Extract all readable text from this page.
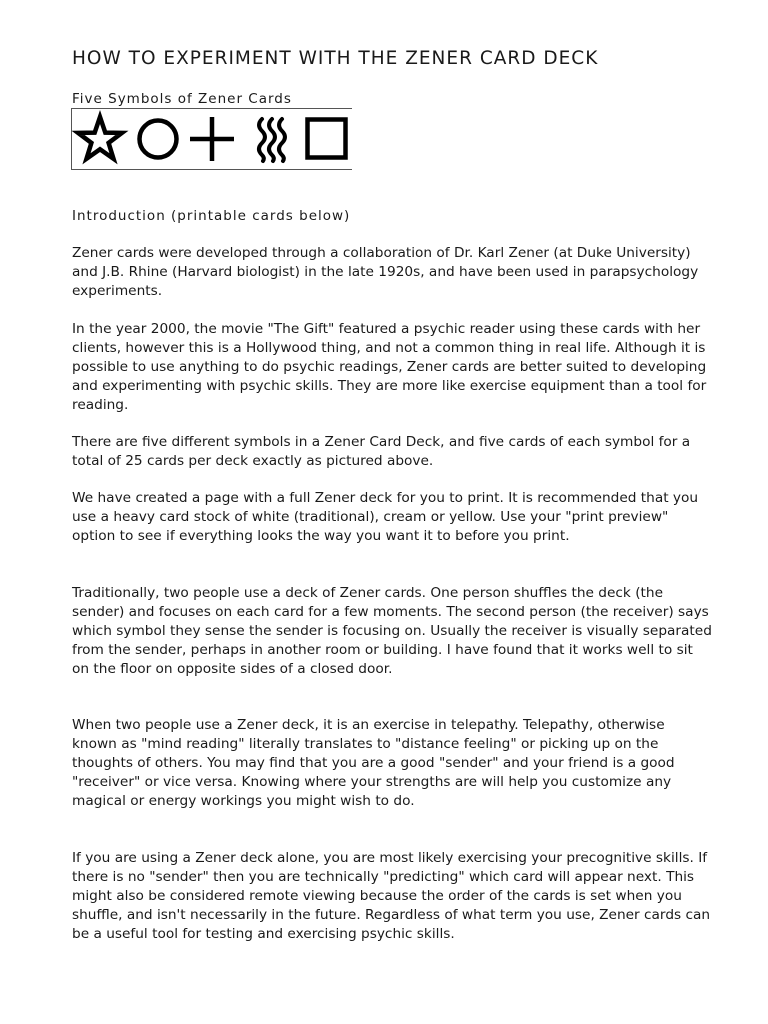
HOW TO EXPERIMENT WITH THE ZENER CARD DECK
Five Symbols of Zener Cards
Introduction (printable cards below)

Zener cards were developed through a collaboration of Dr. Karl Zener (at Duke University) and J.B. Rhine (Harvard biologist) in the late 1920s, and have been used in parapsychology experiments.

In the year 2000, the movie "The Gift" featured a psychic reader using these cards with her clients, however this is a Hollywood thing, and not a common thing in real life. Although it is possible to use anything to do psychic readings, Zener cards are better suited to developing and experimenting with psychic skills. They are more like exercise equipment than a tool for reading.

There are five different symbols in a Zener Card Deck, and five cards of each symbol for a total of 25 cards per deck exactly as pictured above.

We have created a page with a full Zener deck for you to print. It is recommended that you use a heavy card stock of white (traditional), cream or yellow. Use your "print preview" option to see if everything looks the way you want it to before you print.

Traditionally, two people use a deck of Zener cards. One person shuffles the deck (the sender) and focuses on each card for a few moments. The second person (the receiver) says which symbol they sense the sender is focusing on. Usually the receiver is visually separated from the sender, perhaps in another room or building. I have found that it works well to sit on the floor on opposite sides of a closed door.

When two people use a Zener deck, it is an exercise in telepathy. Telepathy, otherwise known as "mind reading" literally translates to "distance feeling" or picking up on the thoughts of others. You may find that you are a good "sender" and your friend is a good "receiver" or vice versa. Knowing where your strengths are will help you customize any magical or energy workings you might wish to do.

If you are using a Zener deck alone, you are most likely exercising your precognitive skills. If there is no "sender" then you are technically "predicting" which card will appear next. This might also be considered remote viewing because the order of the cards is set when you shuffle, and isn't necessarily in the future. Regardless of what term you use, Zener cards can be a useful tool for testing and exercising psychic skills.
